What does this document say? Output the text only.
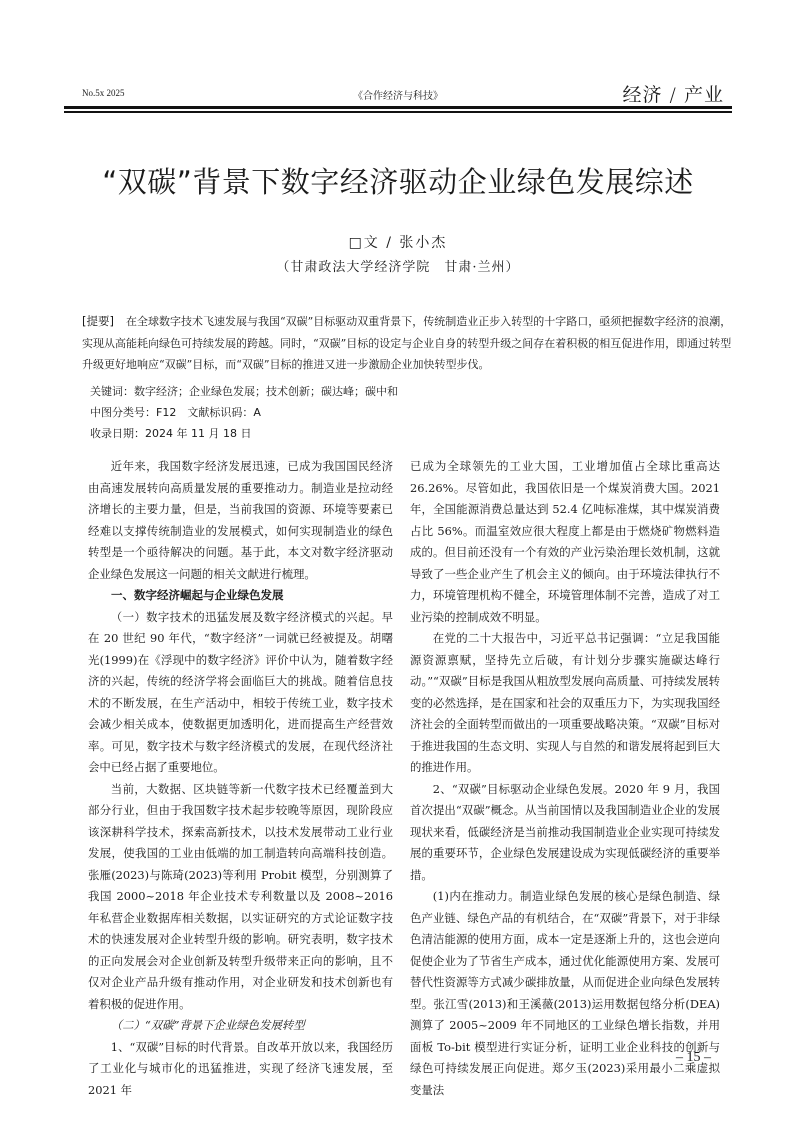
No.5x 2025	《合作经济与科技》	经济 / 产业
“双碳”背景下数字经济驱动企业绿色发展综述
□文 / 张小杰
（甘肃政法大学经济学院　甘肃·兰州）
[提要] 在全球数字技术飞速发展与我国“双碳”目标驱动双重背景下，传统制造业正步入转型的十字路口，亟须把握数字经济的浪潮，实现从高能耗向绿色可持续发展的跨越。同时，“双碳”目标的设定与企业自身的转型升级之间存在着积极的相互促进作用，即通过转型升级更好地响应“双碳”目标，而“双碳”目标的推进又进一步激励企业加快转型步伐。
关键词：数字经济；企业绿色发展；技术创新；碳达峰；碳中和
中图分类号：F12　文献标识码：A
收录日期：2024 年 11 月 18 日

近年来，我国数字经济发展迅速，已成为我国国民经济由高速发展转向高质量发展的重要推动力。制造业是拉动经济增长的主要力量，但是，当前我国的资源、环境等要素已经难以支撑传统制造业的发展模式，如何实现制造业的绿色转型是一个亟待解决的问题。基于此，本文对数字经济驱动企业绿色发展这一问题的相关文献进行梳理。

一、数字经济崛起与企业绿色发展

（一）数字技术的迅猛发展及数字经济模式的兴起。早在 20 世纪 90 年代，“数字经济”一词就已经被提及。胡曙光(1999)在《浮现中的数字经济》评价中认为，随着数字经济的兴起，传统的经济学将会面临巨大的挑战。随着信息技术的不断发展，在生产活动中，相较于传统工业，数字技术会减少相关成本，使数据更加透明化，进而提高生产经营效率。可见，数字技术与数字经济模式的发展，在现代经济社会中已经占据了重要地位。

当前，大数据、区块链等新一代数字技术已经覆盖到大部分行业，但由于我国数字技术起步较晚等原因，现阶段应该深耕科学技术，探索高新技术，以技术发展带动工业行业发展，使我国的工业由低端的加工制造转向高端科技创造。张雁(2023)与陈琦(2023)等利用 Probit 模型，分别测算了我国 2000~2018 年企业技术专利数量以及 2008~2016 年私营企业数据库相关数据，以实证研究的方式论证数字技术的快速发展对企业转型升级的影响。研究表明，数字技术的正向发展会对企业创新及转型升级带来正向的影响，且不仅对企业产品升级有推动作用，对企业研发和技术创新也有着积极的促进作用。

（二）“双碳”背景下企业绿色发展转型

1、“双碳”目标的时代背景。自改革开放以来，我国经历了工业化与城市化的迅猛推进，实现了经济飞速发展，至 2021 年

已成为全球领先的工业大国，工业增加值占全球比重高达 26.26%。尽管如此，我国依旧是一个煤炭消费大国。2021 年，全国能源消费总量达到 52.4 亿吨标准煤，其中煤炭消费占比 56%。而温室效应很大程度上都是由于燃烧矿物燃料造成的。但目前还没有一个有效的产业污染治理长效机制，这就导致了一些企业产生了机会主义的倾向。由于环境法律执行不力，环境管理机构不健全，环境管理体制不完善，造成了对工业污染的控制成效不明显。

在党的二十大报告中，习近平总书记强调：“立足我国能源资源禀赋，坚持先立后破，有计划分步骤实施碳达峰行动。”“双碳”目标是我国从粗放型发展向高质量、可持续发展转变的必然选择，是在国家和社会的双重压力下，为实现我国经济社会的全面转型而做出的一项重要战略决策。“双碳”目标对于推进我国的生态文明、实现人与自然的和谐发展将起到巨大的推进作用。

2、“双碳”目标驱动企业绿色发展。2020 年 9 月，我国首次提出“双碳”概念。从当前国情以及我国制造业企业的发展现状来看，低碳经济是当前推动我国制造业企业实现可持续发展的重要环节，企业绿色发展建设成为实现低碳经济的重要举措。

(1)内在推动力。制造业绿色发展的核心是绿色制造、绿色产业链、绿色产品的有机结合，在“双碳”背景下，对于非绿色清洁能源的使用方面，成本一定是逐渐上升的，这也会逆向促使企业为了节省生产成本，通过优化能源使用方案、发展可替代性资源等方式减少碳排放量，从而促进企业向绿色发展转型。张江雪(2013)和王溪薇(2013)运用数据包络分析(DEA)测算了 2005~2009 年不同地区的工业绿色增长指数，并用面板 To-bit 模型进行实证分析，证明工业企业科技的创新与绿色可持续发展正向促进。郑夕玉(2023)采用最小二乘虚拟变量法

– 15 –
